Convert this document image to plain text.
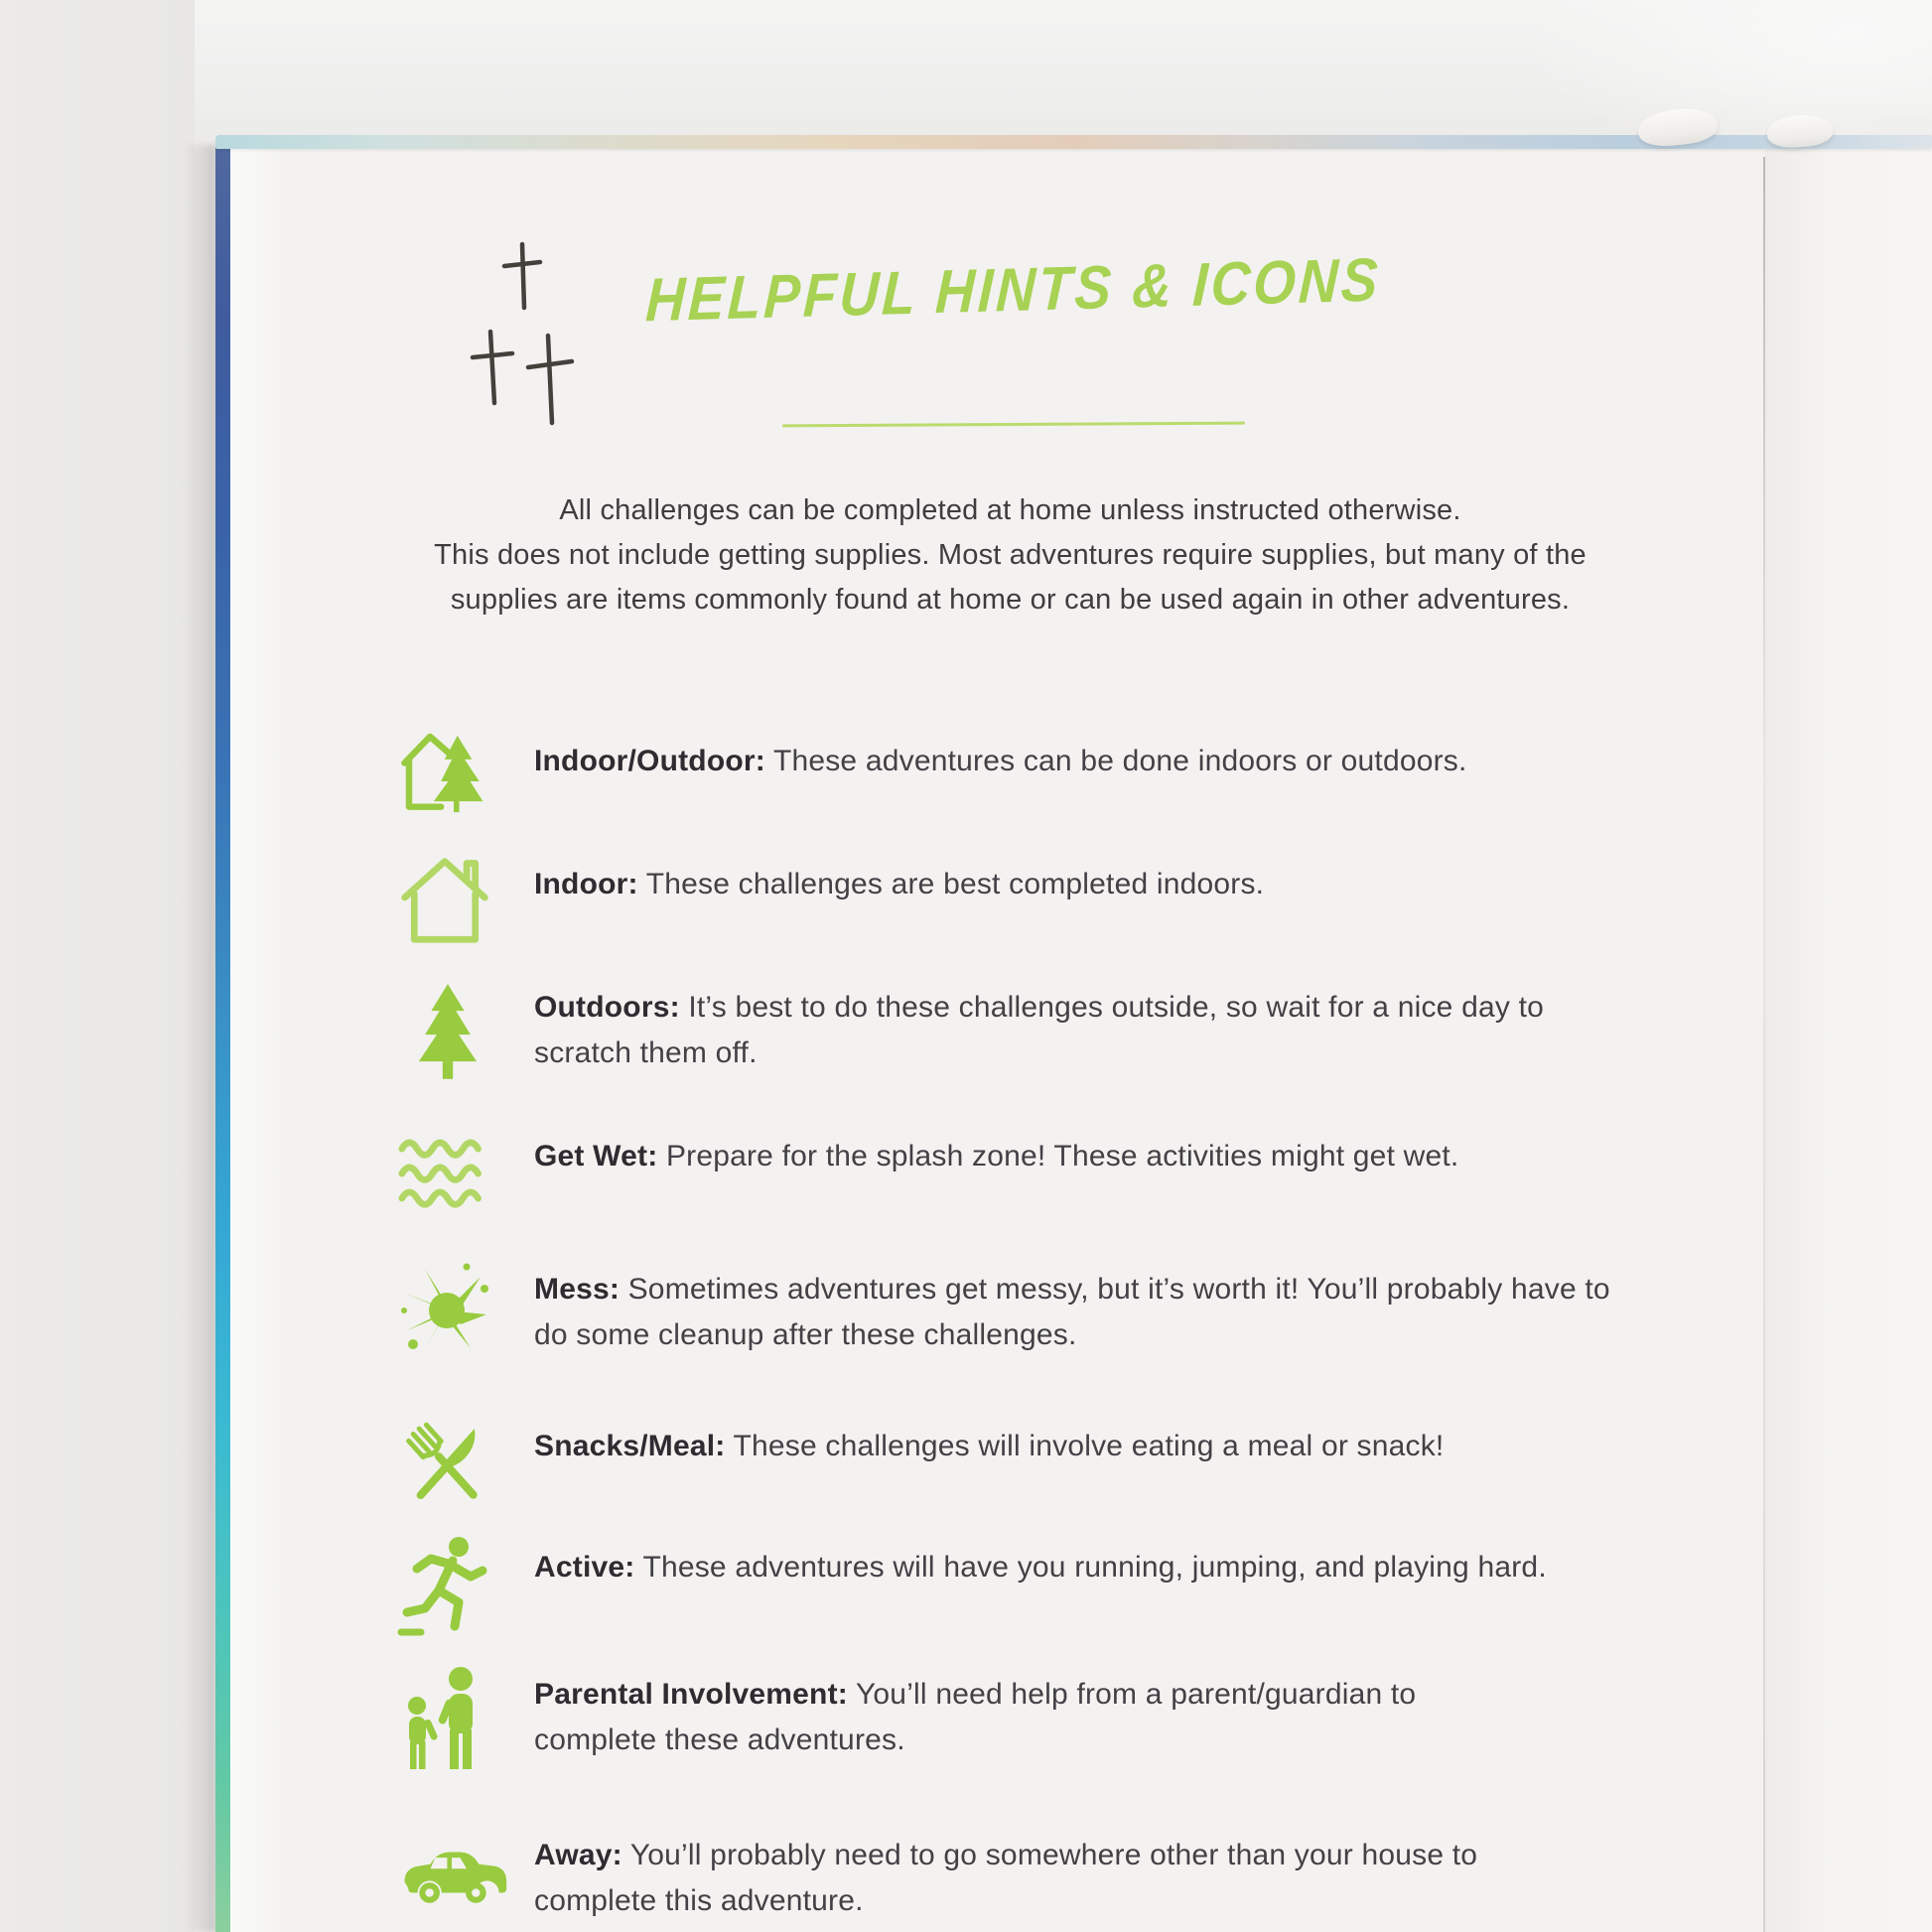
HELPFUL HINTS & ICONS
All challenges can be completed at home unless instructed otherwise.
This does not include getting supplies. Most adventures require supplies, but many of the
supplies are items commonly found at home or can be used again in other adventures.
Indoor/Outdoor: These adventures can be done indoors or outdoors.
Indoor: These challenges are best completed indoors.
Outdoors: It’s best to do these challenges outside, so wait for a nice day to scratch them off.
Get Wet: Prepare for the splash zone! These activities might get wet.
Mess: Sometimes adventures get messy, but it’s worth it! You’ll probably have to do some cleanup after these challenges.
Snacks/Meal: These challenges will involve eating a meal or snack!
Active: These adventures will have you running, jumping, and playing hard.
Parental Involvement: You’ll need help from a parent/guardian to complete these adventures.
Away: You’ll probably need to go somewhere other than your house to complete this adventure.
